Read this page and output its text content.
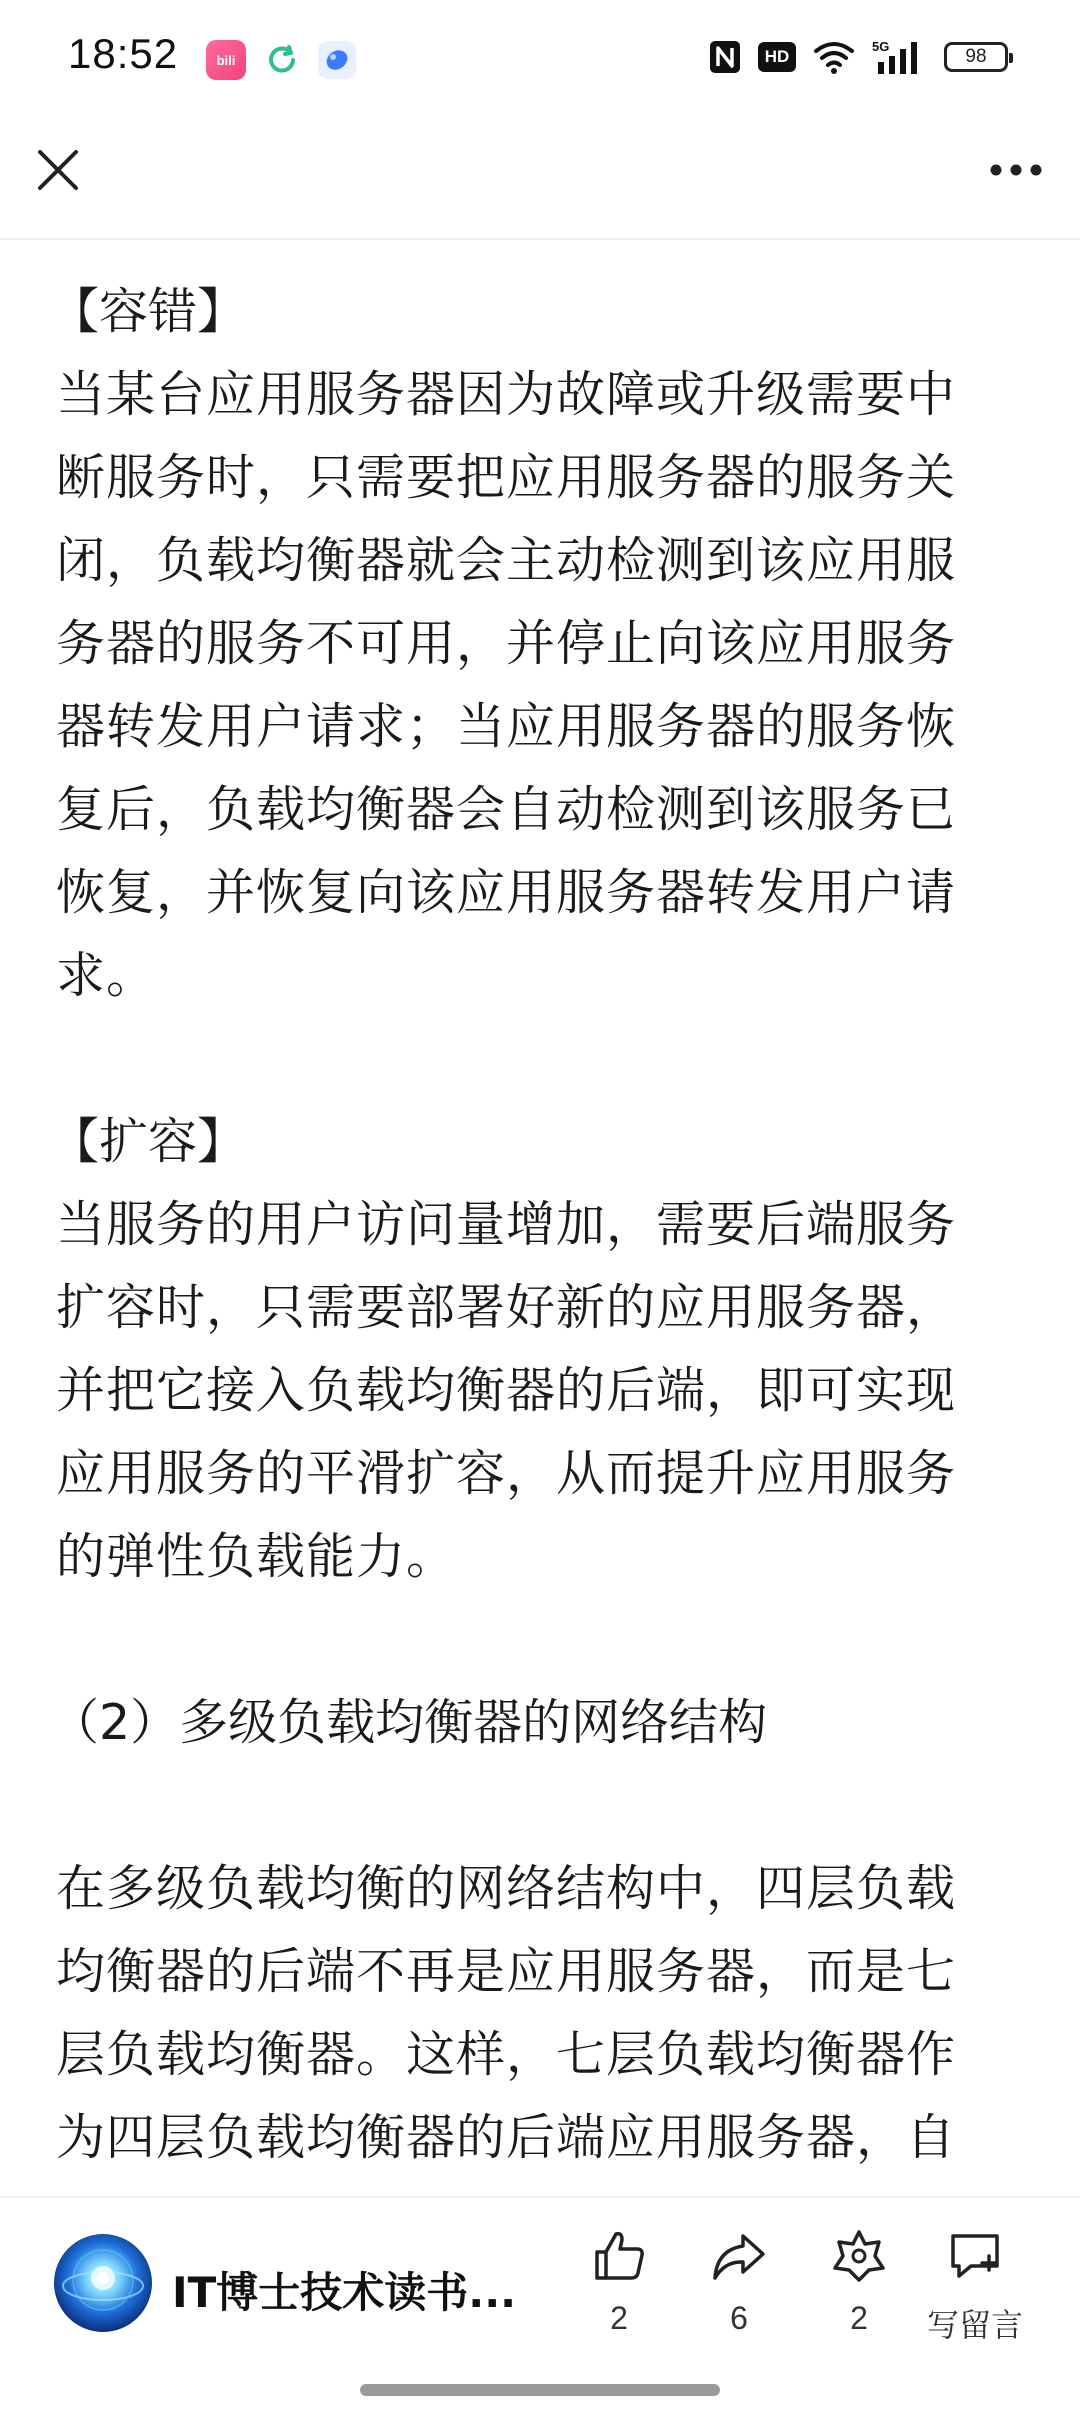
18:52	bili	HD
5G	98

【容错】

当某台应用服务器因为故障或升级需要中

断服务时，只需要把应用服务器的服务关

闭，负载均衡器就会主动检测到该应用服

务器的服务不可用，并停止向该应用服务

器转发用户请求；当应用服务器的服务恢

复后，负载均衡器会自动检测到该服务已

恢复，并恢复向该应用服务器转发用户请

求。

【扩容】

当服务的用户访问量增加，需要后端服务

扩容时，只需要部署好新的应用服务器，

并把它接入负载均衡器的后端，即可实现

应用服务的平滑扩容，从而提升应用服务

的弹性负载能力。

（2）多级负载均衡器的网络结构

在多级负载均衡的网络结构中，四层负载

均衡器的后端不再是应用服务器，而是七

层负载均衡器。这样，七层负载均衡器作

为四层负载均衡器的后端应用服务器，自

IT博士技术读书...
2	6	2 写留言
